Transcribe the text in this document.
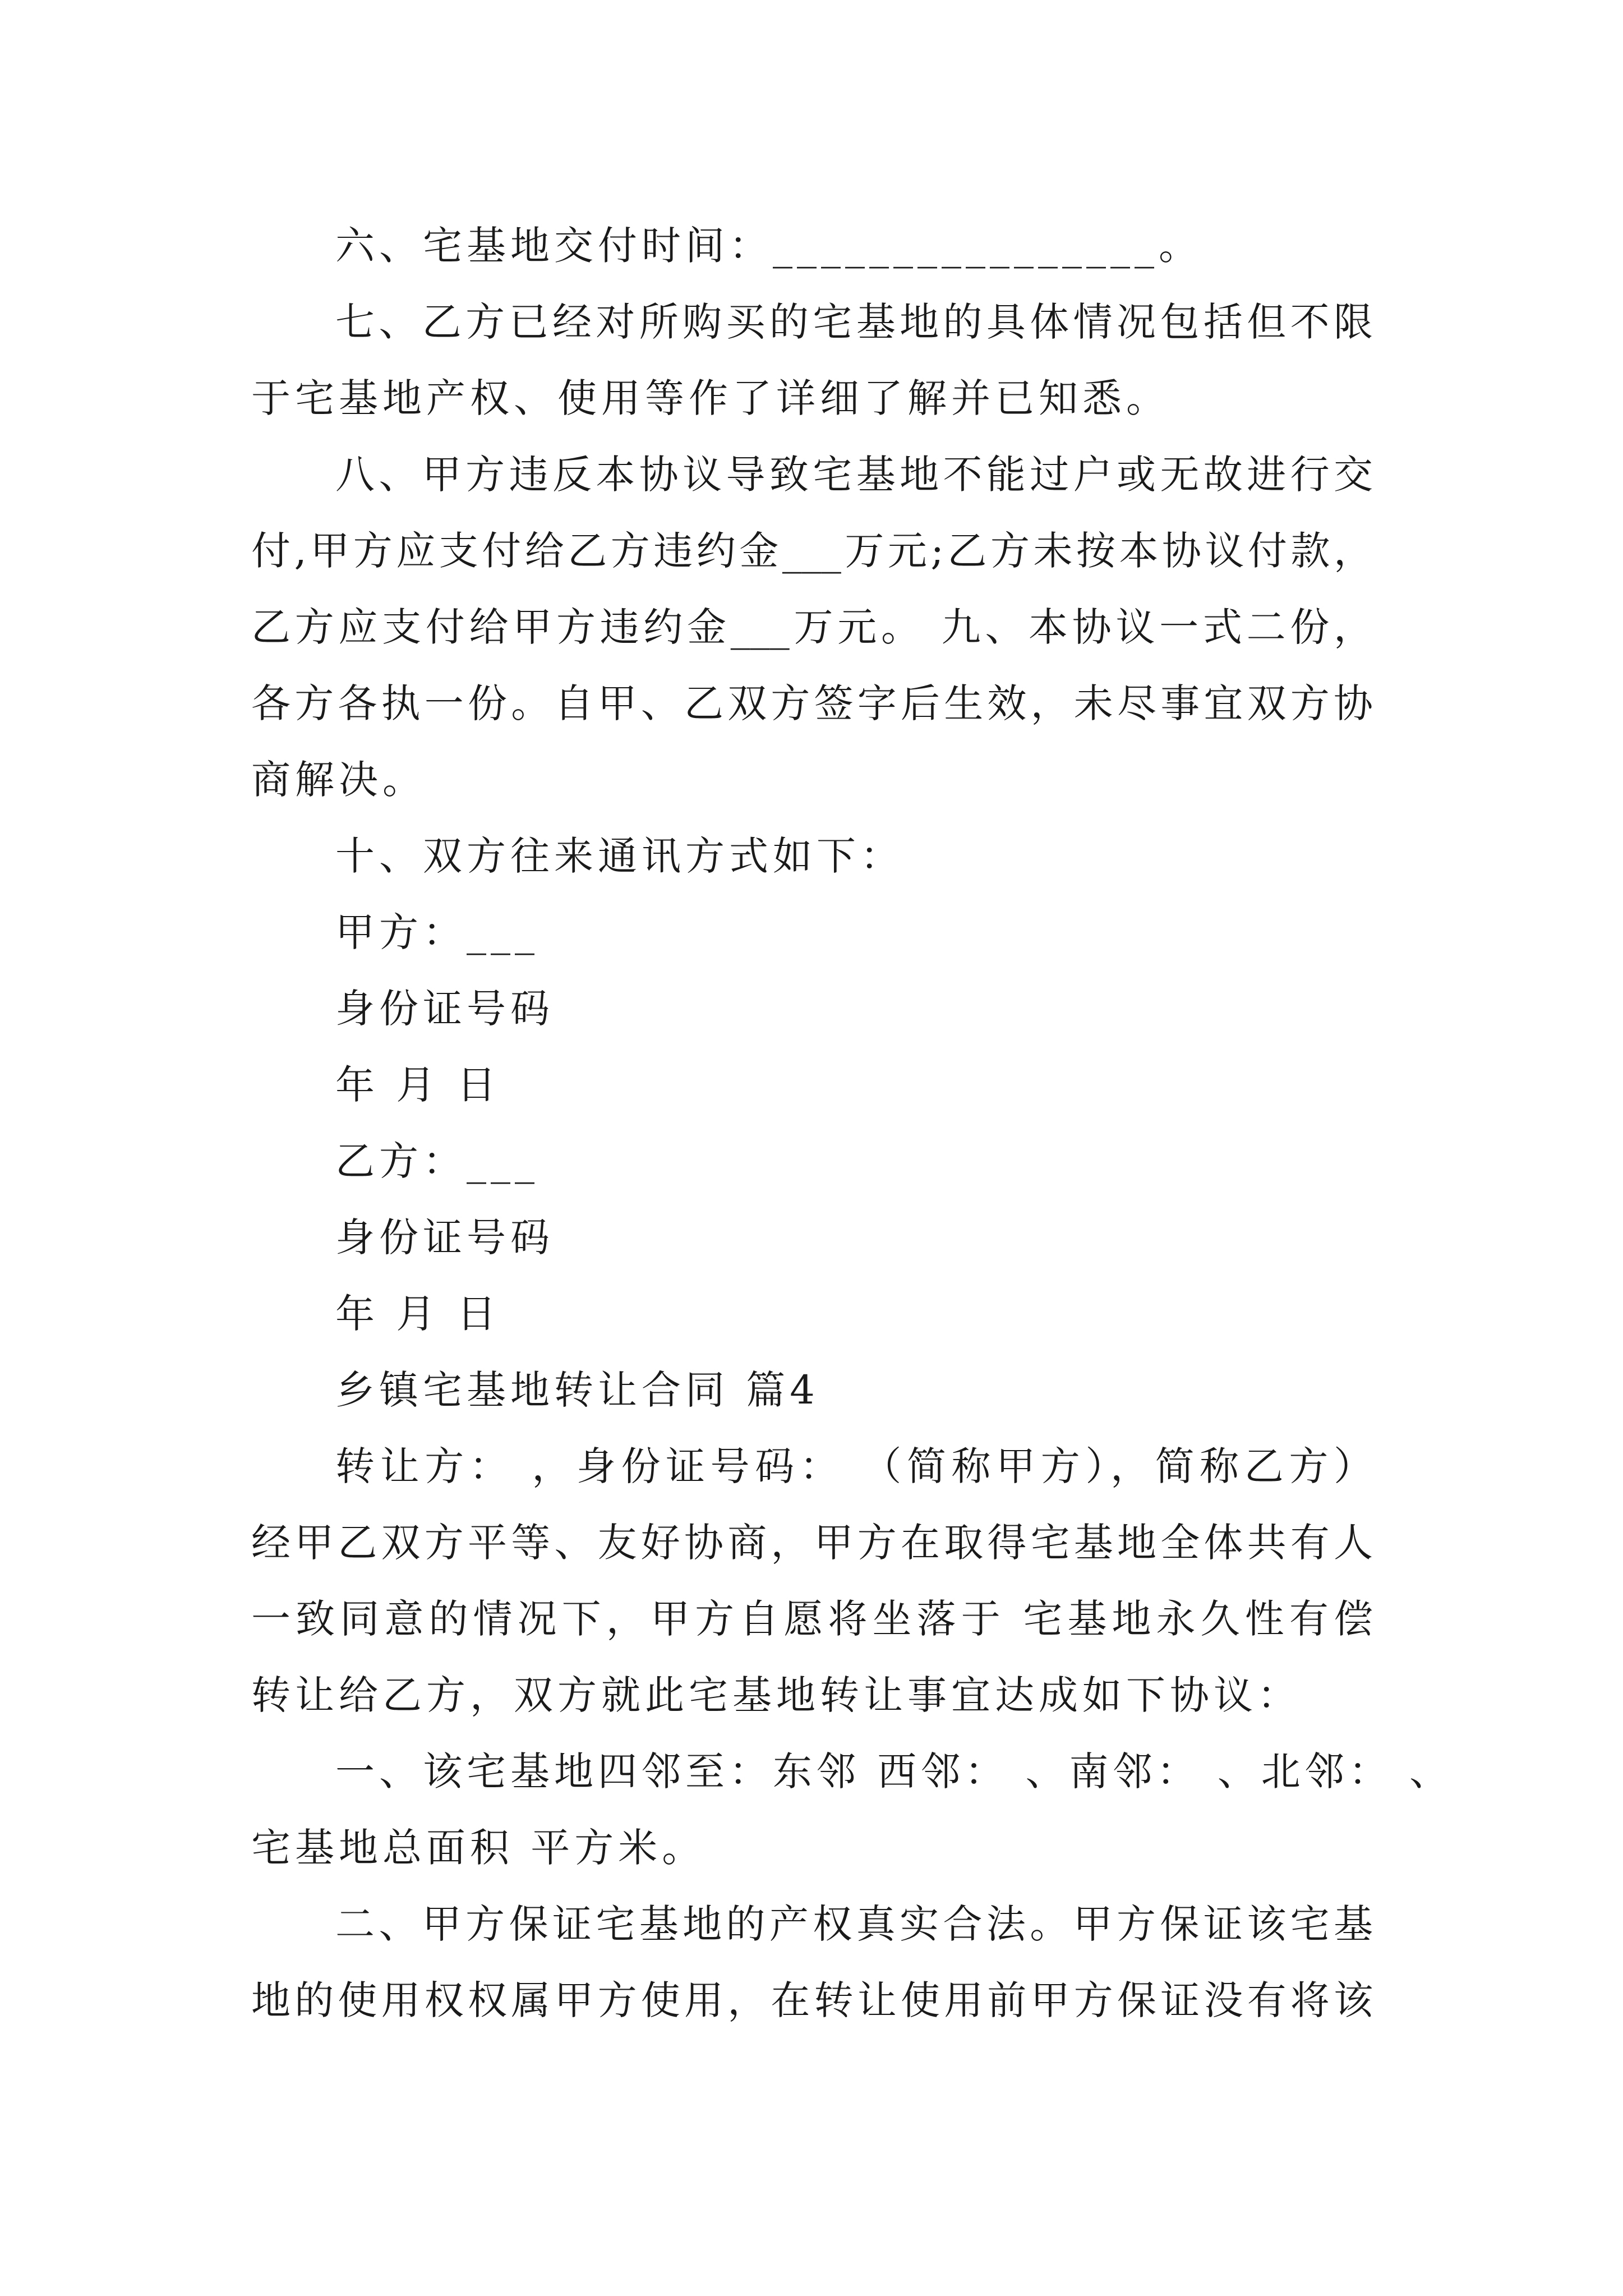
六、宅基地交付时间：________________。
七、乙方已经对所购买的宅基地的具体情况包括但不限
于宅基地产权、使用等作了详细了解并已知悉。
八、甲方违反本协议导致宅基地不能过户或无故进行交
付,甲方应支付给乙方违约金___万元;乙方未按本协议付款，
乙方应支付给甲方违约金___万元。 九、本协议一式二份，
各方各执一份。自甲、乙双方签字后生效，未尽事宜双方协
商解决。
十、双方往来通讯方式如下：
甲方：___
身份证号码
年 月 日
乙方：___
身份证号码
年 月 日
乡镇宅基地转让合同 篇4
转让方： ，身份证号码： （简称甲方），简称乙方）
经甲乙双方平等、友好协商，甲方在取得宅基地全体共有人
一致同意的情况下，甲方自愿将坐落于 宅基地永久性有偿
转让给乙方，双方就此宅基地转让事宜达成如下协议：
一、该宅基地四邻至：东邻 西邻： 、南邻： 、北邻： 、
宅基地总面积 平方米。
二、甲方保证宅基地的产权真实合法。甲方保证该宅基
地的使用权权属甲方使用，在转让使用前甲方保证没有将该
